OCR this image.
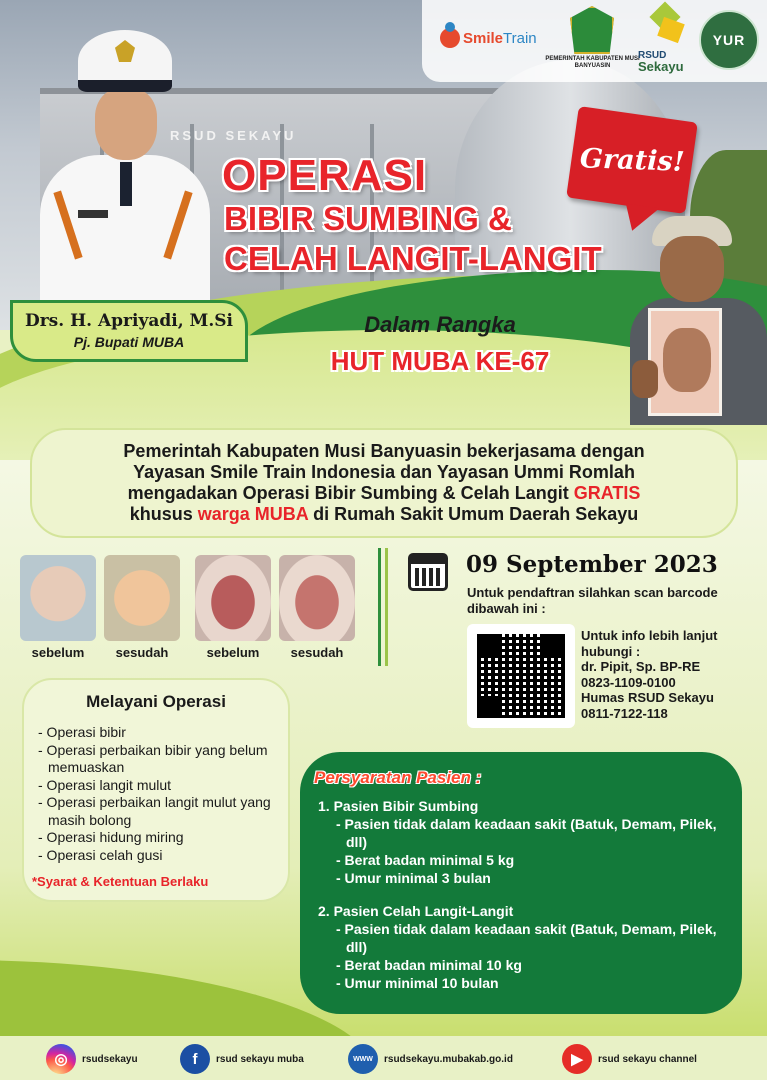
RSUD SEKAYU
SmileTrain
PEMERINTAH KABUPATEN MUSI BANYUASIN
RSUD
Sekayu
YUR
Drs. H. Apriyadi, M.Si
Pj. Bupati MUBA
OPERASI
BIBIR SUMBING &
CELAH LANGIT-LANGIT
Gratis!
Dalam Rangka
HUT MUBA KE-67
Pemerintah Kabupaten Musi Banyuasin bekerjasama dengan
Yayasan Smile Train Indonesia dan Yayasan Ummi Romlah
mengadakan Operasi Bibir Sumbing & Celah Langit GRATIS
khusus warga MUBA di Rumah Sakit Umum Daerah Sekayu
sebelum	sesudah	sebelum	sesudah
09 September 2023
Untuk pendaftran silahkan scan barcode dibawah ini :
Untuk info lebih lanjut
hubungi :
dr. Pipit, Sp. BP-RE
0823-1109-0100
Humas RSUD Sekayu
0811-7122-118
Melayani Operasi
- Operasi bibir
- Operasi perbaikan bibir yang belum memuaskan
- Operasi langit mulut
- Operasi perbaikan langit mulut yang masih bolong
- Operasi hidung miring
- Operasi celah gusi
*Syarat & Ketentuan Berlaku
Persyaratan Pasien :
1. Pasien Bibir Sumbing
- Pasien tidak dalam keadaan sakit (Batuk, Demam, Pilek, dll)
- Berat badan minimal 5 kg
- Umur minimal 3 bulan
2. Pasien Celah Langit-Langit
- Pasien tidak dalam keadaan sakit (Batuk, Demam, Pilek, dll)
- Berat badan minimal 10 kg
- Umur minimal 10 bulan
◎	rsudsekayu	f	rsud sekayu muba	WWW	rsudsekayu.mubakab.go.id	▶	rsud sekayu channel
